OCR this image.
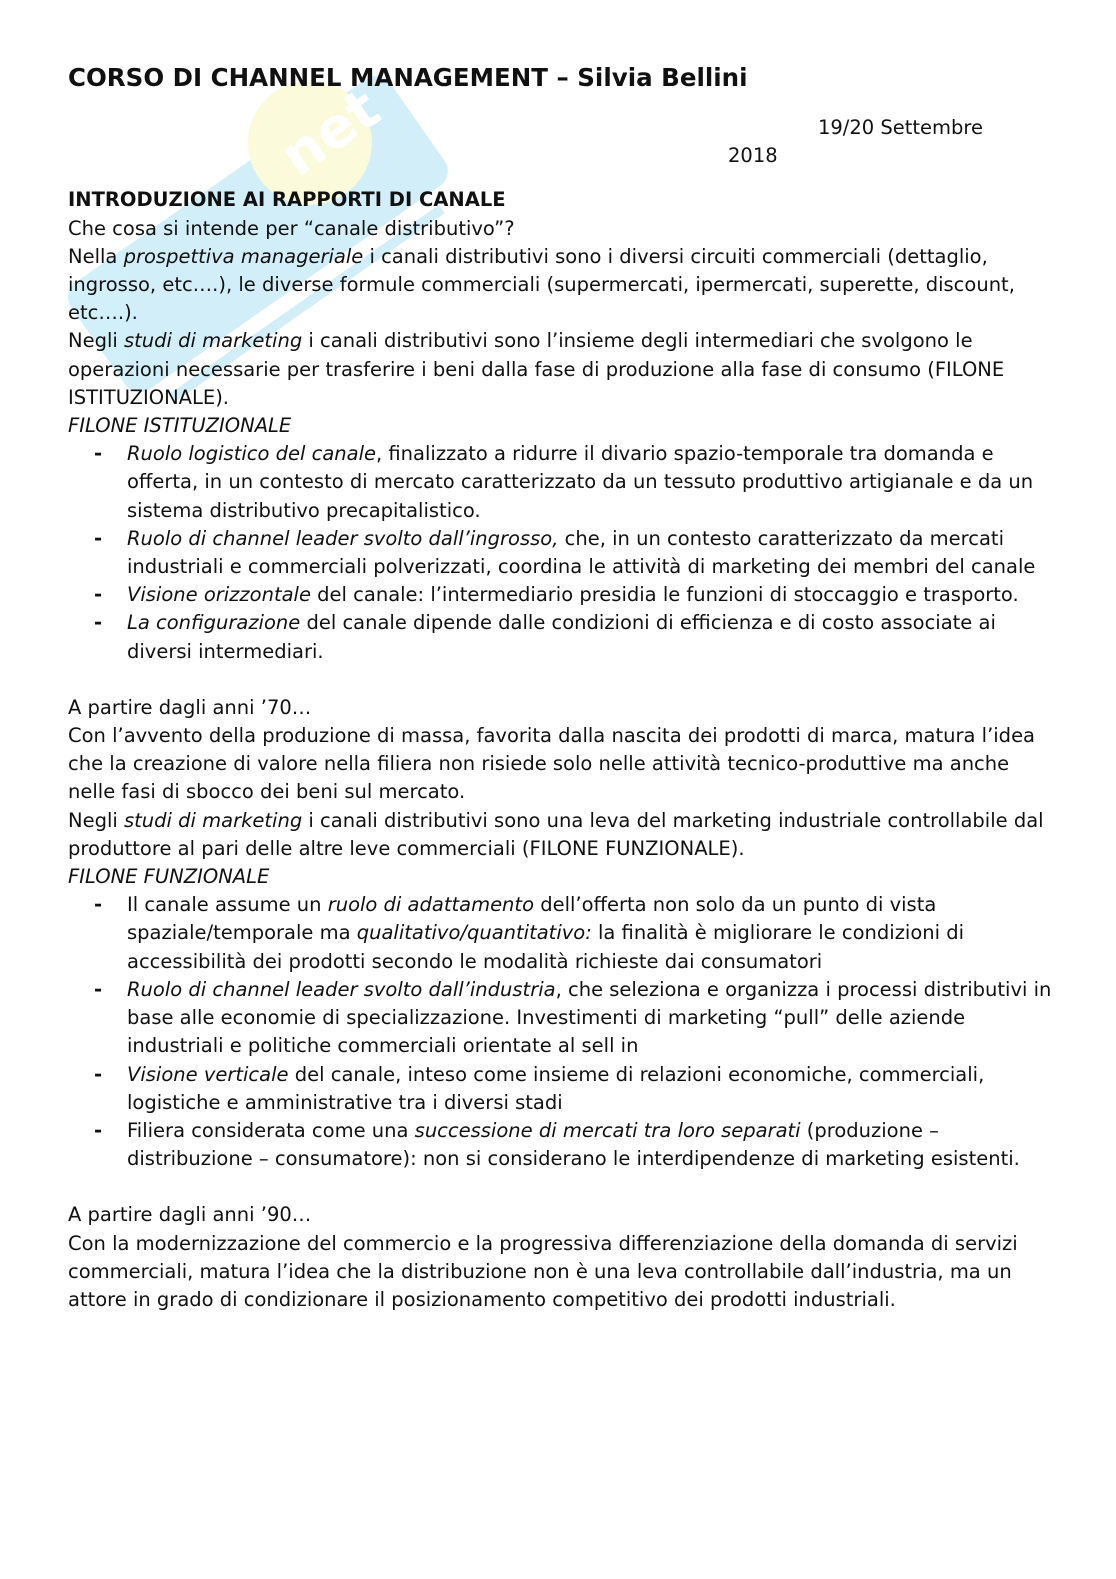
net
CORSO DI CHANNEL MANAGEMENT – Silvia Bellini
19/20 Settembre
2018
INTRODUZIONE AI RAPPORTI DI CANALE

Che cosa si intende per “canale distributivo”?

Nella prospettiva manageriale i canali distributivi sono i diversi circuiti commerciali (dettaglio, ingrosso, etc….), le diverse formule commerciali (supermercati, ipermercati, superette, discount, etc….).

Negli studi di marketing i canali distributivi sono l’insieme degli intermediari che svolgono le operazioni necessarie per trasferire i beni dalla fase di produzione alla fase di consumo (FILONE ISTITUZIONALE).

FILONE ISTITUZIONALE

- Ruolo logistico del canale, finalizzato a ridurre il divario spazio-temporale tra domanda e offerta, in un contesto di mercato caratterizzato da un tessuto produttivo artigianale e da un sistema distributivo precapitalistico.
- Ruolo di channel leader svolto dall’ingrosso, che, in un contesto caratterizzato da mercati industriali e commerciali polverizzati, coordina le attività di marketing dei membri del canale
- Visione orizzontale del canale: l’intermediario presidia le funzioni di stoccaggio e trasporto.
- La configurazione del canale dipende dalle condizioni di efficienza e di costo associate ai diversi intermediari.

A partire dagli anni ’70…

Con l’avvento della produzione di massa, favorita dalla nascita dei prodotti di marca, matura l’idea che la creazione di valore nella filiera non risiede solo nelle attività tecnico-produttive ma anche nelle fasi di sbocco dei beni sul mercato.

Negli studi di marketing i canali distributivi sono una leva del marketing industriale controllabile dal produttore al pari delle altre leve commerciali (FILONE FUNZIONALE).

FILONE FUNZIONALE

- Il canale assume un ruolo di adattamento dell’offerta non solo da un punto di vista spaziale/temporale ma qualitativo/quantitativo: la finalità è migliorare le condizioni di accessibilità dei prodotti secondo le modalità richieste dai consumatori
- Ruolo di channel leader svolto dall’industria, che seleziona e organizza i processi distributivi in base alle economie di specializzazione. Investimenti di marketing “pull” delle aziende industriali e politiche commerciali orientate al sell in
- Visione verticale del canale, inteso come insieme di relazioni economiche, commerciali, logistiche e amministrative tra i diversi stadi
- Filiera considerata come una successione di mercati tra loro separati (produzione – distribuzione – consumatore): non si considerano le interdipendenze di marketing esistenti.

A partire dagli anni ’90…

Con la modernizzazione del commercio e la progressiva differenziazione della domanda di servizi commerciali, matura l’idea che la distribuzione non è una leva controllabile dall’industria, ma un attore in grado di condizionare il posizionamento competitivo dei prodotti industriali.
